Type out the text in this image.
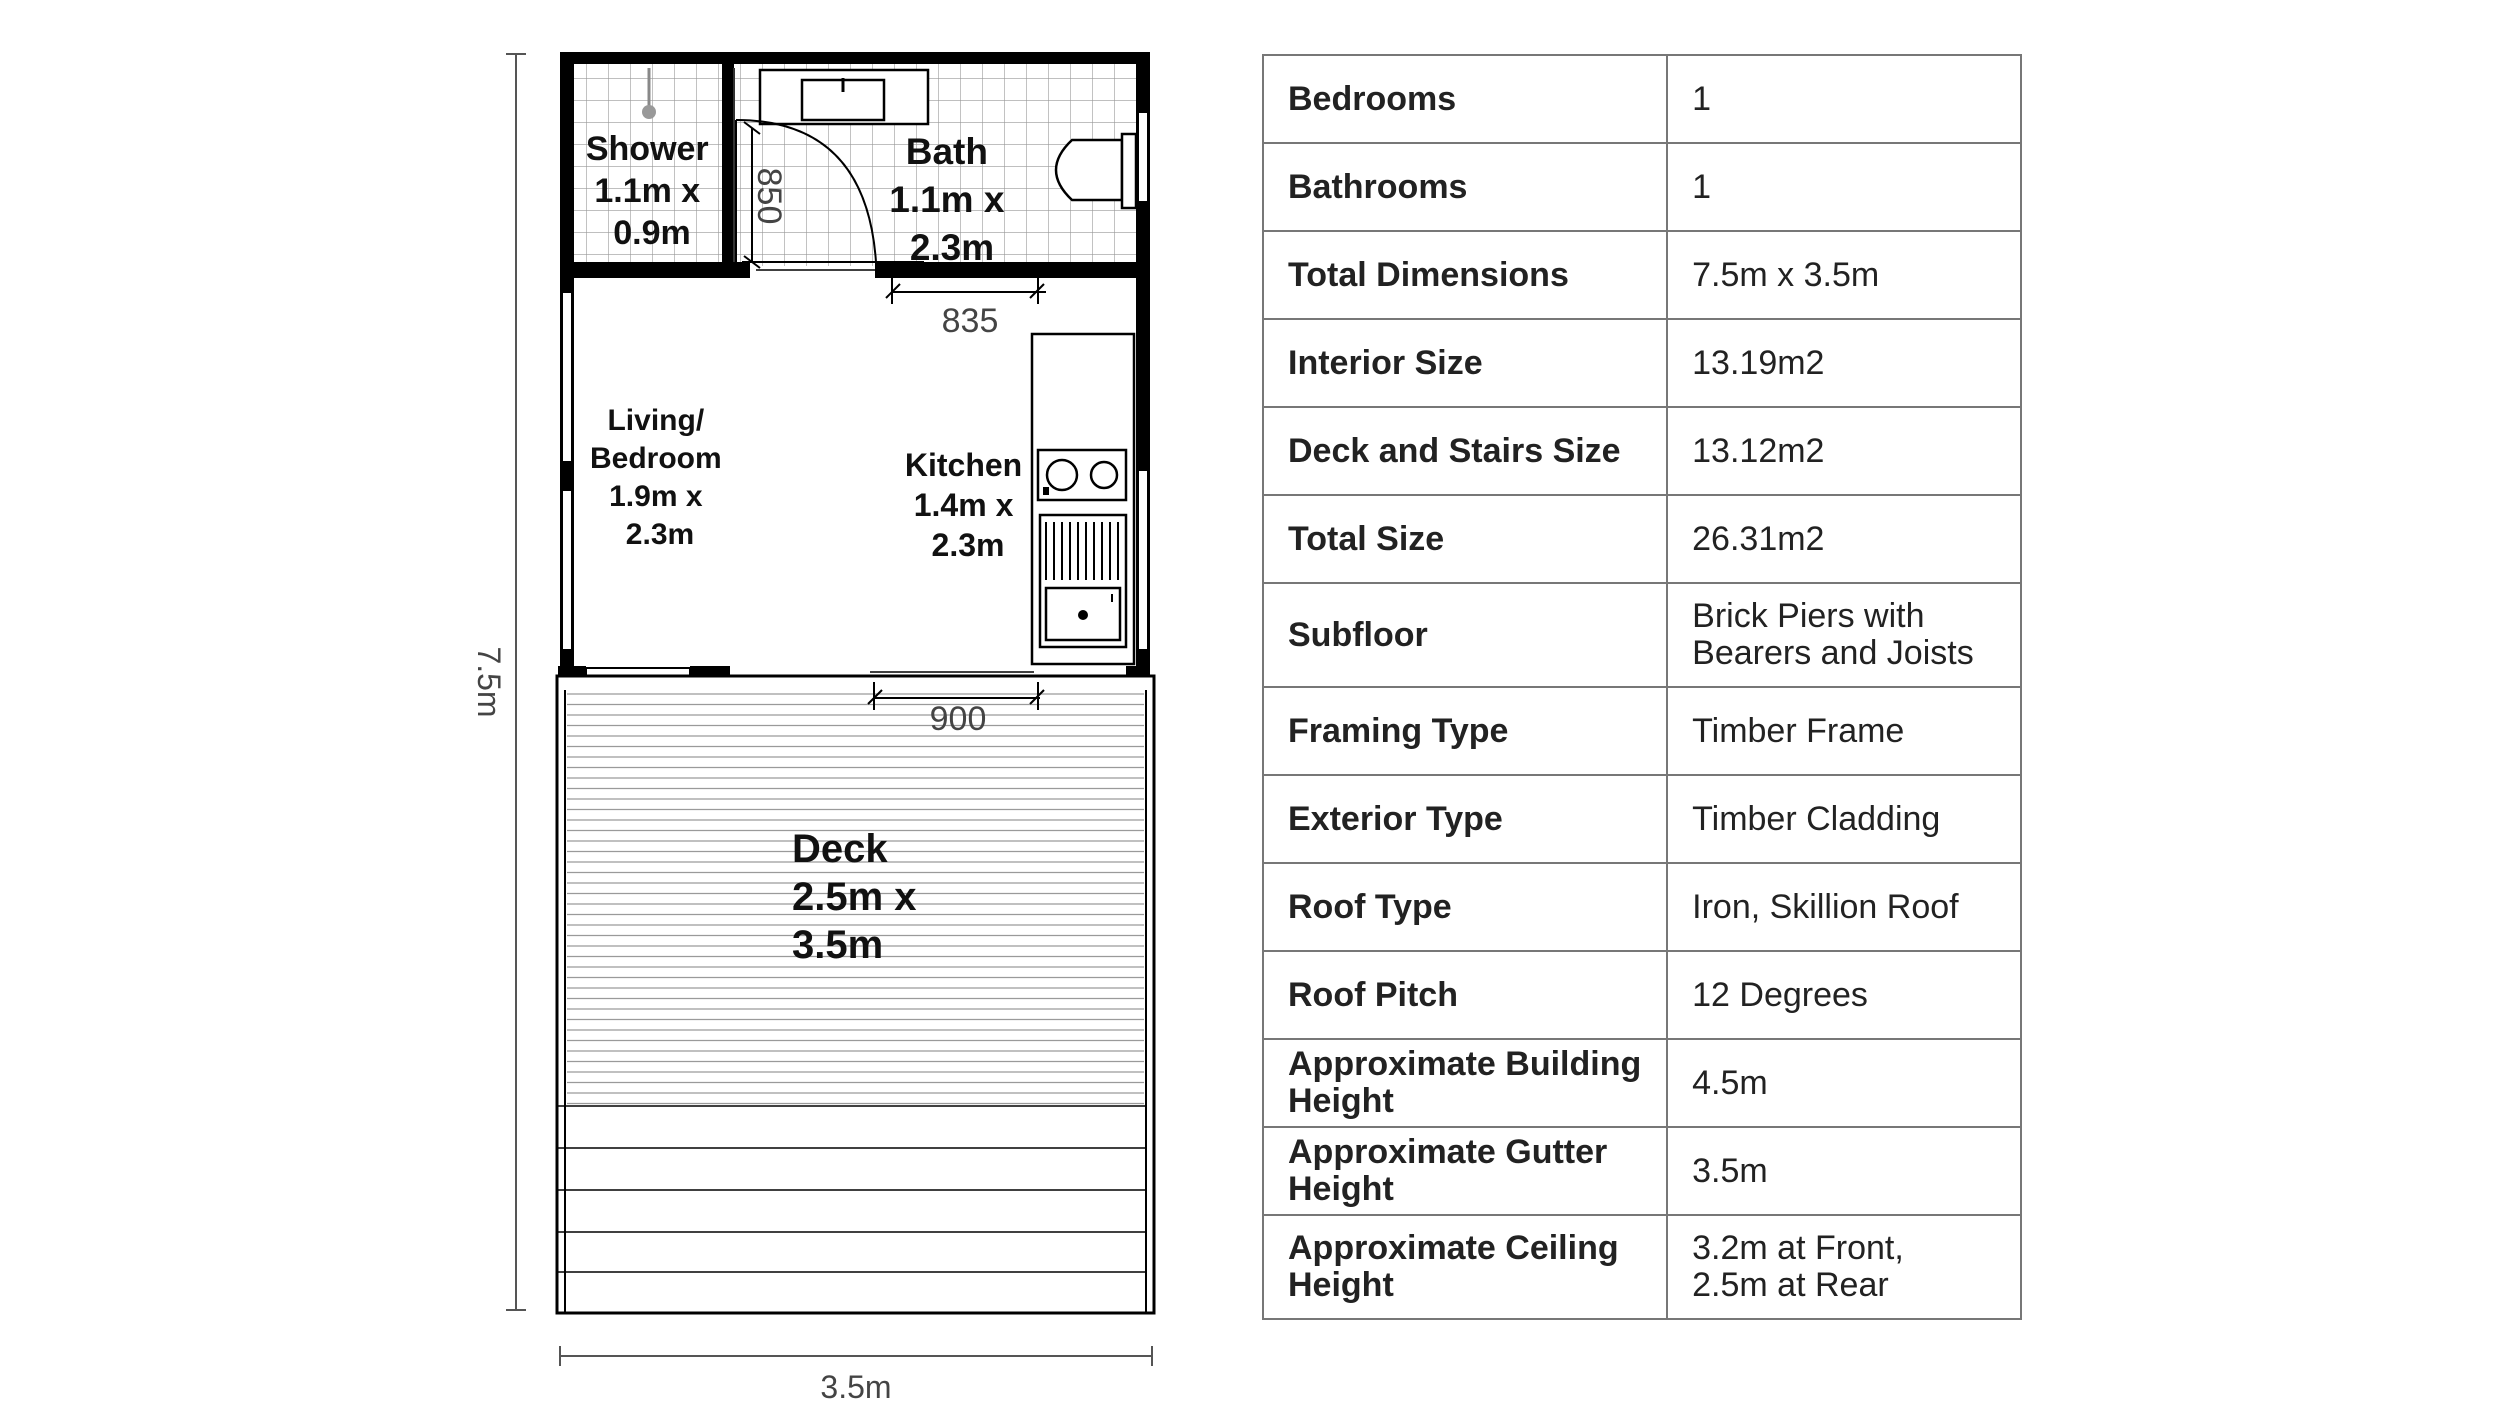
Shower 1.1m x 0.9m
Bath 1.1m x 2.3m
Living/ Bedroom 1.9m x 2.3m
Kitchen 1.4m x 2.3m
Deck 2.5m x 3.5m
850
835
900
7.5m
3.5m
Bedrooms	1
Bathrooms	1
Total Dimensions	7.5m x 3.5m
Interior Size	13.19m2
Deck and Stairs Size	13.12m2
Total Size	26.31m2
Subfloor	Brick Piers with
Bearers and Joists
Framing Type	Timber Frame
Exterior Type	Timber Cladding
Roof Type	Iron, Skillion Roof
Roof Pitch	12 Degrees
Approximate Building
Height	4.5m
Approximate Gutter
Height	3.5m
Approximate Ceiling
Height	3.2m at Front,
2.5m at Rear
